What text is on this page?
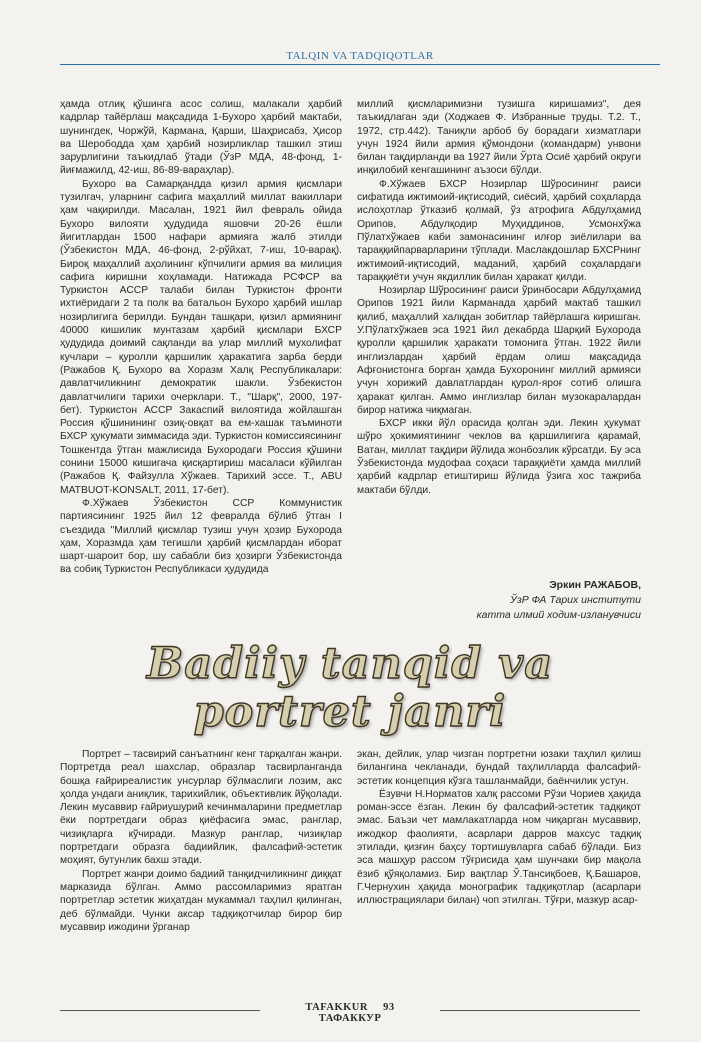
TALQIN VA TADQIQOTLAR

ҳамда отлиқ қўшинга асос солиш, малакали ҳарбий кадрлар тайёрлаш мақсадида 1-Бухоро ҳарбий мактаби, шунингдек, Чоржўй, Кармана, Қарши, Шаҳрисабз, Ҳисор ва Шерободда ҳам ҳарбий нозирликлар ташкил этиш зарурлигини таъкидлаб ўтади (ЎзР МДА, 48-фонд, 1-йиғмажилд, 42-иш, 86-89-вараҳлар).

Бухоро ва Самарқандда қизил армия қисмлари тузилгач, уларнинг сафига маҳаллий миллат вакиллари ҳам чақирилди. Масалан, 1921 йил февраль ойида Бухоро вилояти ҳудудида яшовчи 20-26 ёшли йигитлардан 1500 нафари армияга жалб этилди (Ўзбекистон МДА, 46-фонд, 2-рўйхат, 7-иш, 10-варақ). Бироқ маҳаллий аҳолининг кўпчилиги армия ва милиция сафига киришни хоҳламади. Натижада РСФСР ва Туркистон АССР талаби билан Туркистон фронти ихтиёридаги 2 та полк ва батальон Бухоро ҳарбий ишлар нозирлигига берилди. Бундан ташқари, қизил армиянинг 40000 кишилик мунтазам ҳарбий қисмлари БХСР ҳудудида доимий сақланди ва улар миллий мухолифат кучлари – қуролли қаршилик ҳаракатига зарба берди (Ражабов Қ. Бухоро ва Хоразм Халқ Республикалари: давлатчиликнинг демократик шакли. Ўзбекистон давлатчилиги тарихи очерклари. Т., "Шарқ", 2000, 197-бет). Туркистон АССР Закаспий вилоятида жойлашган Россия қўшинининг озиқ-овқат ва ем-хашак таъминоти БХСР ҳукумати зиммасида эди. Туркистон комиссиясининг Тошкентда ўтган мажлисида Бухородаги Россия қўшини сонини 15000 кишигача қисқартириш масаласи кўйилган (Ражабов Қ. Файзулла Хўжаев. Тарихий эссе. Т., ABU MATBUOT-KONSALT, 2011, 17-бет).

Ф.Хўжаев Ўзбекистон ССР Коммунистик партиясининг 1925 йил 12 февралда бўлиб ўтган I съездида "Миллий қисмлар тузиш учун ҳозир Бухорода ҳам, Хоразмда ҳам тегишли ҳарбий қисмлардан иборат шарт-шароит бор, шу сабабли биз ҳозирги Ўзбекистонда ва собиқ Туркистон Республикаси ҳудудида

миллий қисмларимизни тузишга киришамиз", дея таъкидлаган эди (Ходжаев Ф. Избранные труды. Т.2. Т., 1972, стр.442). Таниқли арбоб бу борадаги хизматлари учун 1924 йили армия қўмондони (командарм) унвони билан тақдирланди ва 1927 йили Ўрта Осиё ҳарбий округи инқилобий кенгашининг аъзоси бўлди.

Ф.Хўжаев БХСР Нозирлар Шўросининг раиси сифатида ижтимоий-иқтисодий, сиёсий, ҳарбий соҳаларда ислоҳотлар ўтказиб қолмай, ўз атрофига Абдулҳамид Орипов, Абдулқодир Муҳиддинов, Усмонхўжа Пўлатхўжаев каби замонасининг илғор зиёлилари ва тараққийпарварларини тўплади. Маслакдошлар БХСРнинг ижтимоий-иқтисодий, маданий, ҳарбий соҳалардаги тараққиёти учун якдиллик билан ҳаракат қилди.

Нозирлар Шўросининг раиси ўринбосари Абдулҳамид Орипов 1921 йили Карманада ҳарбий мактаб ташкил қилиб, маҳаллий халқдан зобитлар тайёрлашга киришган. У.Пўлатхўжаев эса 1921 йил декабрда Шарқий Бухорода қуролли қаршилик ҳаракати томонига ўтган. 1922 йили инглизлардан ҳарбий ёрдам олиш мақсадида Афғонистонга борган ҳамда Бухоронинг миллий армияси учун хорижий давлатлардан қурол-яроғ сотиб олишга ҳаракат қилган. Аммо инглизлар билан музокаралардан бирор натижа чиқмаган.

БХСР икки йўл орасида қолган эди. Лекин ҳукумат шўро ҳокимиятининг чеклов ва қаршилигига қарамай, Ватан, миллат тақдири йўлида жонбозлик кўрсатди. Бу эса Ўзбекистонда мудофаа соҳаси тараққиёти ҳамда миллий ҳарбий кадрлар етиштириш йўлида ўзига хос тажриба мактаби бўлди.

Эркин РАЖАБОВ,
ЎзР ФА Тарих институти
катта илмий ходим-изланувчиси
Badiiy tanqid va
portret janri

Портрет – тасвирий санъатнинг кенг тарқалган жанри. Портретда реал шахслар, образлар тасвирланганда бошқа ғайриреалистик унсурлар бўлмаслиги лозим, акс ҳолда ундаги аниқлик, тарихийлик, объективлик йўқолади. Лекин мусаввир ғайриушурий кечинмаларини предметлар ёки портретдаги образ қиёфасига эмас, ранглар, чизиқларга кўчиради. Мазкур ранглар, чизиқлар портретдаги образга бадиийлик, фалсафий-эстетик моҳият, бутунлик бахш этади.

Портрет жанри доимо бадиий танқидчиликнинг диққат марказида бўлган. Аммо рассомларимиз яратган портретлар эстетик жиҳатдан мукаммал таҳлил қилинган, деб бўлмайди. Чунки аксар тадқиқотчилар бирор бир мусаввир ижодини ўрганар

экан, дейлик, улар чизган портретни юзаки таҳлил қилиш билангина чекланади, бундай таҳлилларда фалсафий-эстетик концепция кўзга ташланмайди, баёнчилик устун.

Ёзувчи Н.Норматов халқ рассоми Рўзи Чориев ҳақида роман-эссе ёзган. Лекин бу фалсафий-эстетик тадқиқот эмас. Баъзи чет мамлакатларда ном чиқарган мусаввир, ижодкор фаолияти, асарлари дарров махсус тадқиқ этилади, қизғин баҳсу тортишувларга сабаб бўлади. Биз эса машҳур рассом тўғрисида ҳам шунчаки бир мақола ёзиб қўяқоламиз. Бир вақтлар Ў.Тансиқбоев, Қ.Башаров, Г.Чернухин ҳақида монографик тадқиқотлар (асарлари иллюстрациялари билан) чоп этилган. Тўғри, мазкур асар-

TAFAKKUR 93 ТАФАККУР
